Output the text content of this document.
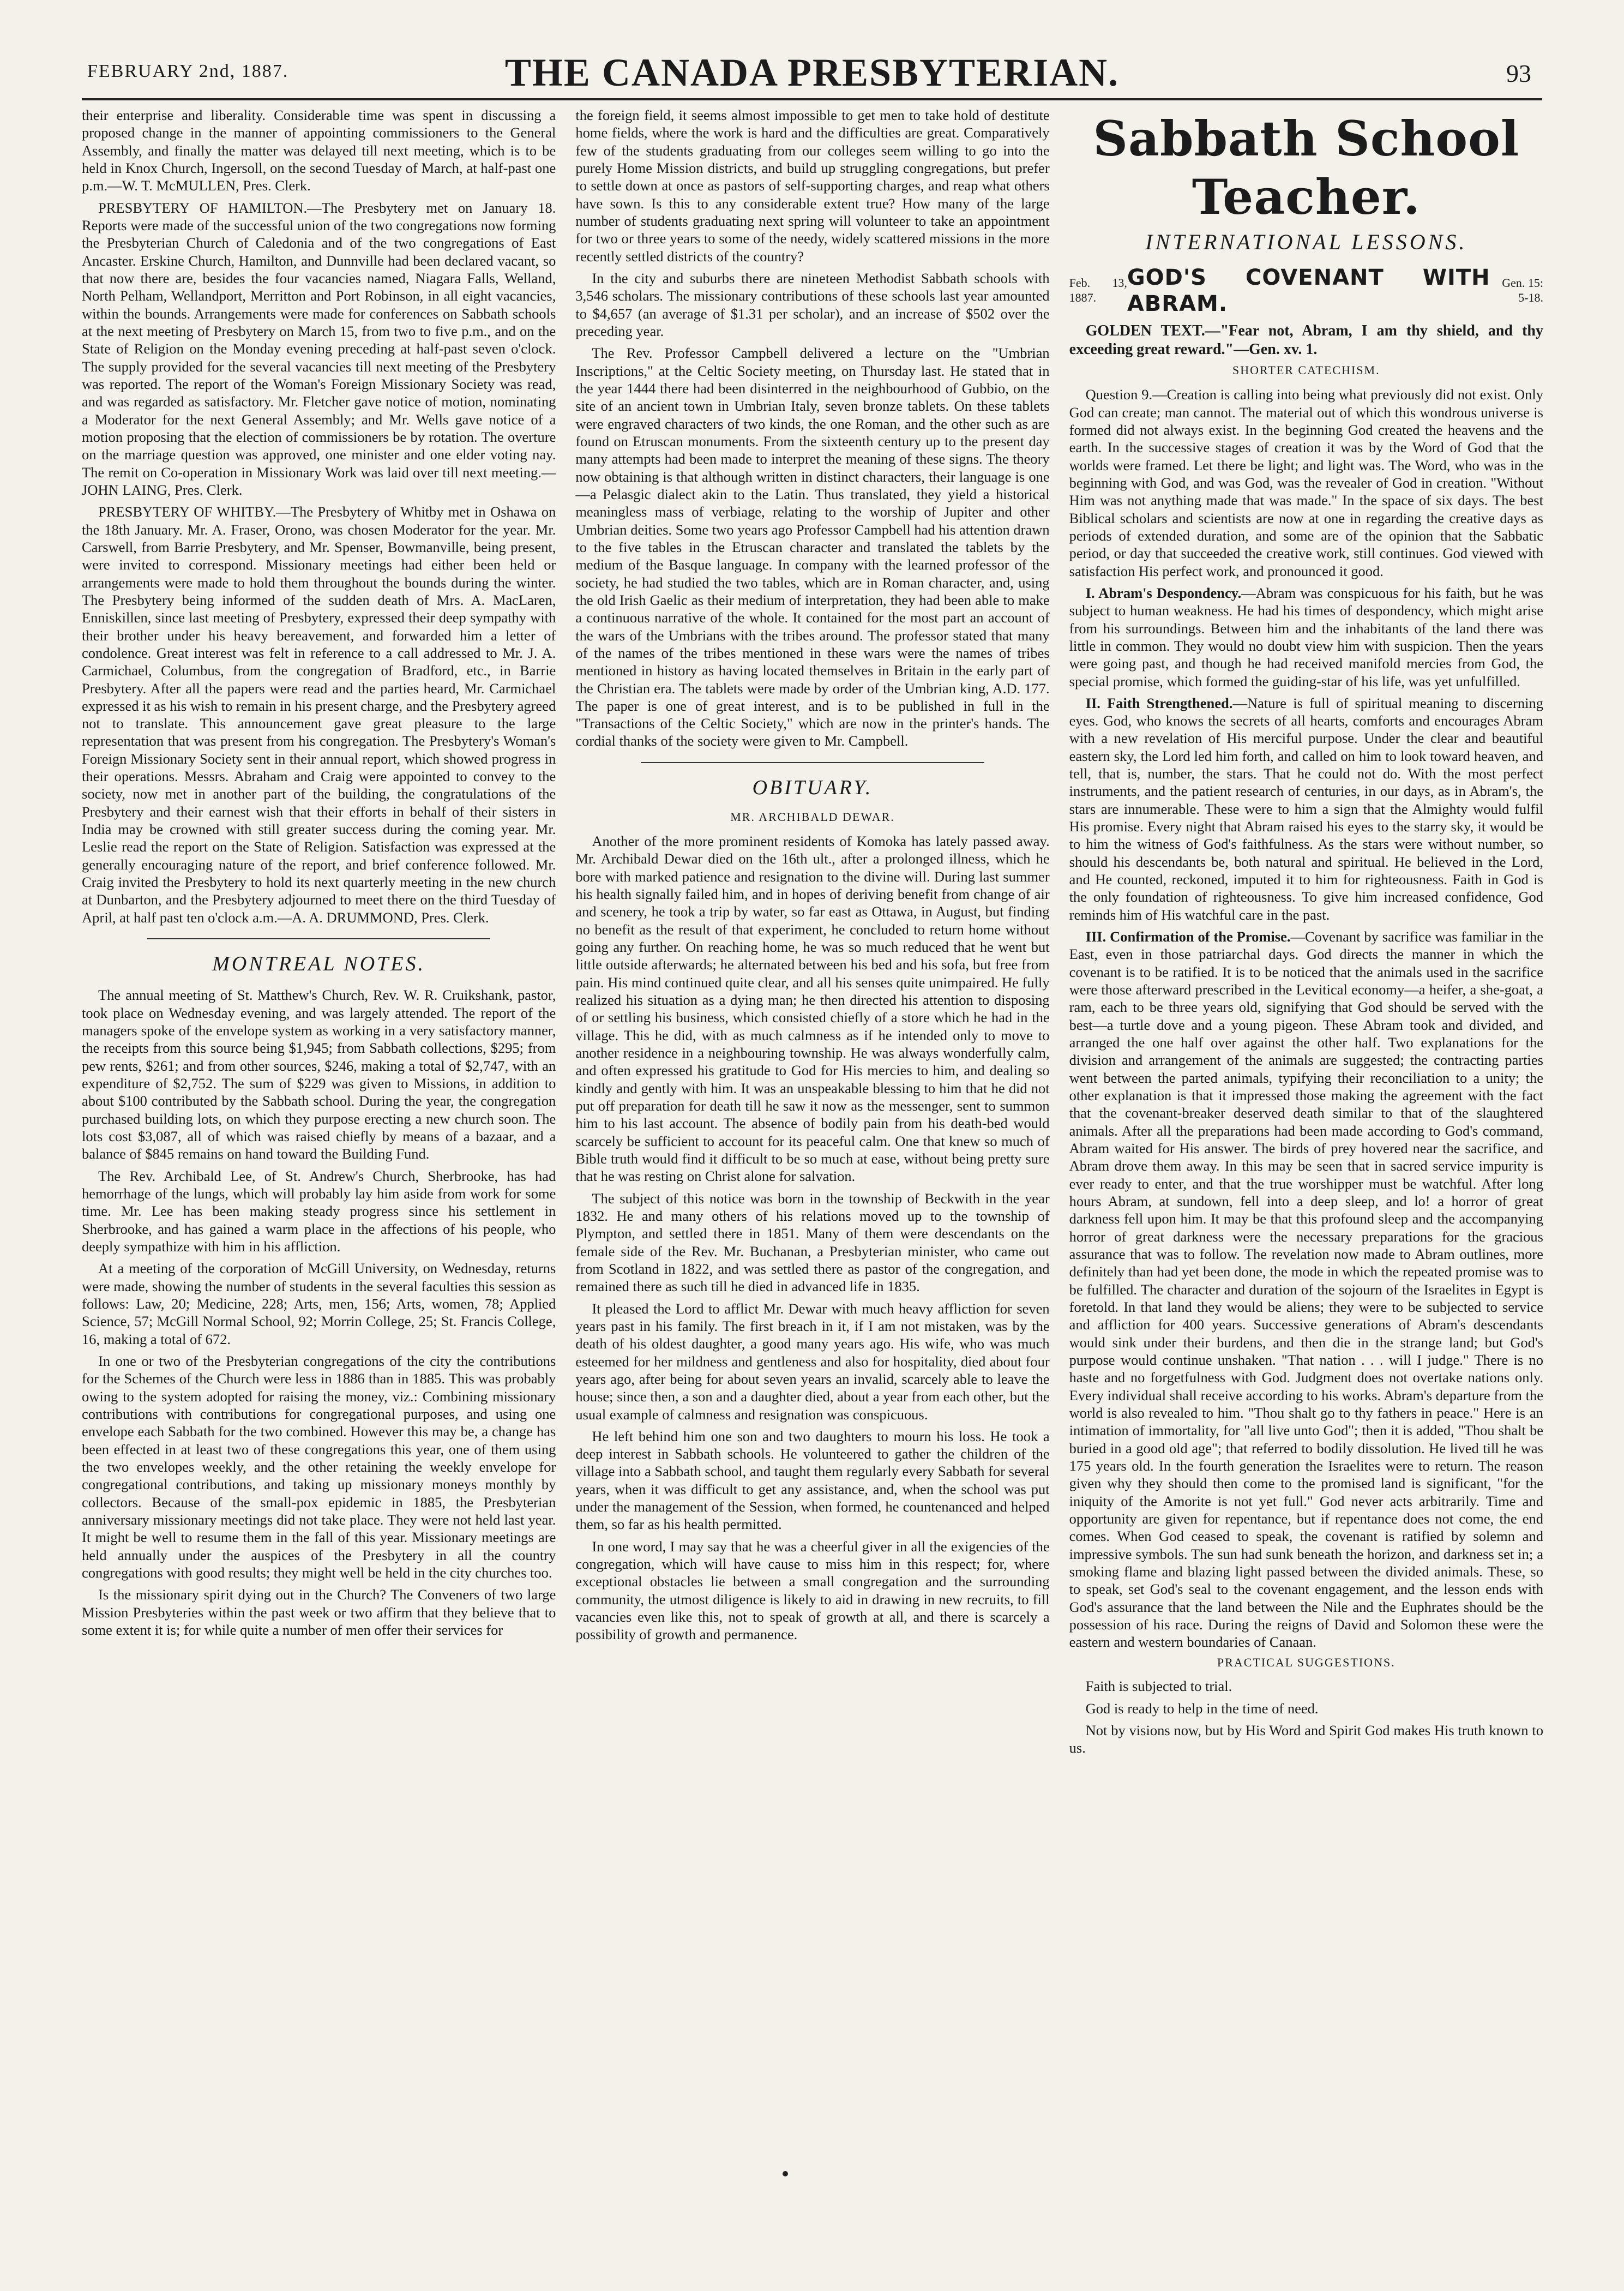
FEBRUARY 2nd, 1887.	THE CANADA PRESBYTERIAN.	93

their enterprise and liberality. Considerable time was spent in discussing a proposed change in the manner of appointing commissioners to the General Assembly, and finally the matter was delayed till next meeting, which is to be held in Knox Church, Ingersoll, on the second Tuesday of March, at half-past one p.m.—W. T. McMULLEN, Pres. Clerk.

PRESBYTERY OF HAMILTON.—The Presbytery met on January 18. Reports were made of the successful union of the two congregations now forming the Presbyterian Church of Caledonia and of the two congregations of East Ancaster. Erskine Church, Hamilton, and Dunnville had been declared vacant, so that now there are, besides the four vacancies named, Niagara Falls, Welland, North Pelham, Wellandport, Merritton and Port Robinson, in all eight vacancies, within the bounds. Arrangements were made for conferences on Sabbath schools at the next meeting of Presbytery on March 15, from two to five p.m., and on the State of Religion on the Monday evening preceding at half-past seven o'clock. The supply provided for the several vacancies till next meeting of the Presbytery was reported. The report of the Woman's Foreign Missionary Society was read, and was regarded as satisfactory. Mr. Fletcher gave notice of motion, nominating a Moderator for the next General Assembly; and Mr. Wells gave notice of a motion proposing that the election of commissioners be by rotation. The overture on the marriage question was approved, one minister and one elder voting nay. The remit on Co-operation in Missionary Work was laid over till next meeting.—JOHN LAING, Pres. Clerk.

PRESBYTERY OF WHITBY.—The Presbytery of Whitby met in Oshawa on the 18th January. Mr. A. Fraser, Orono, was chosen Moderator for the year. Mr. Carswell, from Barrie Presbytery, and Mr. Spenser, Bowmanville, being present, were invited to correspond. Missionary meetings had either been held or arrangements were made to hold them throughout the bounds during the winter. The Presbytery being informed of the sudden death of Mrs. A. MacLaren, Enniskillen, since last meeting of Presbytery, expressed their deep sympathy with their brother under his heavy bereavement, and forwarded him a letter of condolence. Great interest was felt in reference to a call addressed to Mr. J. A. Carmichael, Columbus, from the congregation of Bradford, etc., in Barrie Presbytery. After all the papers were read and the parties heard, Mr. Carmichael expressed it as his wish to remain in his present charge, and the Presbytery agreed not to translate. This announcement gave great pleasure to the large representation that was present from his congregation. The Presbytery's Woman's Foreign Missionary Society sent in their annual report, which showed progress in their operations. Messrs. Abraham and Craig were appointed to convey to the society, now met in another part of the building, the congratulations of the Presbytery and their earnest wish that their efforts in behalf of their sisters in India may be crowned with still greater success during the coming year. Mr. Leslie read the report on the State of Religion. Satisfaction was expressed at the generally encouraging nature of the report, and brief conference followed. Mr. Craig invited the Presbytery to hold its next quarterly meeting in the new church at Dunbarton, and the Presbytery adjourned to meet there on the third Tuesday of April, at half past ten o'clock a.m.—A. A. DRUMMOND, Pres. Clerk.

MONTREAL NOTES.

The annual meeting of St. Matthew's Church, Rev. W. R. Cruikshank, pastor, took place on Wednesday evening, and was largely attended. The report of the managers spoke of the envelope system as working in a very satisfactory manner, the receipts from this source being $1,945; from Sabbath collections, $295; from pew rents, $261; and from other sources, $246, making a total of $2,747, with an expenditure of $2,752. The sum of $229 was given to Missions, in addition to about $100 contributed by the Sabbath school. During the year, the congregation purchased building lots, on which they purpose erecting a new church soon. The lots cost $3,087, all of which was raised chiefly by means of a bazaar, and a balance of $845 remains on hand toward the Building Fund.

The Rev. Archibald Lee, of St. Andrew's Church, Sherbrooke, has had hemorrhage of the lungs, which will probably lay him aside from work for some time. Mr. Lee has been making steady progress since his settlement in Sherbrooke, and has gained a warm place in the affections of his people, who deeply sympathize with him in his affliction.

At a meeting of the corporation of McGill University, on Wednesday, returns were made, showing the number of students in the several faculties this session as follows: Law, 20; Medicine, 228; Arts, men, 156; Arts, women, 78; Applied Science, 57; McGill Normal School, 92; Morrin College, 25; St. Francis College, 16, making a total of 672.

In one or two of the Presbyterian congregations of the city the contributions for the Schemes of the Church were less in 1886 than in 1885. This was probably owing to the system adopted for raising the money, viz.: Combining missionary contributions with contributions for congregational purposes, and using one envelope each Sabbath for the two combined. However this may be, a change has been effected in at least two of these congregations this year, one of them using the two envelopes weekly, and the other retaining the weekly envelope for congregational contributions, and taking up missionary moneys monthly by collectors. Because of the small-pox epidemic in 1885, the Presbyterian anniversary missionary meetings did not take place. They were not held last year. It might be well to resume them in the fall of this year. Missionary meetings are held annually under the auspices of the Presbytery in all the country congregations with good results; they might well be held in the city churches too.

Is the missionary spirit dying out in the Church? The Conveners of two large Mission Presbyteries within the past week or two affirm that they believe that to some extent it is; for while quite a number of men offer their services for

the foreign field, it seems almost impossible to get men to take hold of destitute home fields, where the work is hard and the difficulties are great. Comparatively few of the students graduating from our colleges seem willing to go into the purely Home Mission districts, and build up struggling congregations, but prefer to settle down at once as pastors of self-supporting charges, and reap what others have sown. Is this to any considerable extent true? How many of the large number of students graduating next spring will volunteer to take an appointment for two or three years to some of the needy, widely scattered missions in the more recently settled districts of the country?

In the city and suburbs there are nineteen Methodist Sabbath schools with 3,546 scholars. The missionary contributions of these schools last year amounted to $4,657 (an average of $1.31 per scholar), and an increase of $502 over the preceding year.

The Rev. Professor Campbell delivered a lecture on the "Umbrian Inscriptions," at the Celtic Society meeting, on Thursday last. He stated that in the year 1444 there had been disinterred in the neighbourhood of Gubbio, on the site of an ancient town in Umbrian Italy, seven bronze tablets. On these tablets were engraved characters of two kinds, the one Roman, and the other such as are found on Etruscan monuments. From the sixteenth century up to the present day many attempts had been made to interpret the meaning of these signs. The theory now obtaining is that although written in distinct characters, their language is one—a Pelasgic dialect akin to the Latin. Thus translated, they yield a historical meaningless mass of verbiage, relating to the worship of Jupiter and other Umbrian deities. Some two years ago Professor Campbell had his attention drawn to the five tables in the Etruscan character and translated the tablets by the medium of the Basque language. In company with the learned professor of the society, he had studied the two tables, which are in Roman character, and, using the old Irish Gaelic as their medium of interpretation, they had been able to make a continuous narrative of the whole. It contained for the most part an account of the wars of the Umbrians with the tribes around. The professor stated that many of the names of the tribes mentioned in these wars were the names of tribes mentioned in history as having located themselves in Britain in the early part of the Christian era. The tablets were made by order of the Umbrian king, A.D. 177. The paper is one of great interest, and is to be published in full in the "Transactions of the Celtic Society," which are now in the printer's hands. The cordial thanks of the society were given to Mr. Campbell.

OBITUARY.
MR. ARCHIBALD DEWAR.

Another of the more prominent residents of Komoka has lately passed away. Mr. Archibald Dewar died on the 16th ult., after a prolonged illness, which he bore with marked patience and resignation to the divine will. During last summer his health signally failed him, and in hopes of deriving benefit from change of air and scenery, he took a trip by water, so far east as Ottawa, in August, but finding no benefit as the result of that experiment, he concluded to return home without going any further. On reaching home, he was so much reduced that he went but little outside afterwards; he alternated between his bed and his sofa, but free from pain. His mind continued quite clear, and all his senses quite unimpaired. He fully realized his situation as a dying man; he then directed his attention to disposing of or settling his business, which consisted chiefly of a store which he had in the village. This he did, with as much calmness as if he intended only to move to another residence in a neighbouring township. He was always wonderfully calm, and often expressed his gratitude to God for His mercies to him, and dealing so kindly and gently with him. It was an unspeakable blessing to him that he did not put off preparation for death till he saw it now as the messenger, sent to summon him to his last account. The absence of bodily pain from his death-bed would scarcely be sufficient to account for its peaceful calm. One that knew so much of Bible truth would find it difficult to be so much at ease, without being pretty sure that he was resting on Christ alone for salvation.

The subject of this notice was born in the township of Beckwith in the year 1832. He and many others of his relations moved up to the township of Plympton, and settled there in 1851. Many of them were descendants on the female side of the Rev. Mr. Buchanan, a Presbyterian minister, who came out from Scotland in 1822, and was settled there as pastor of the congregation, and remained there as such till he died in advanced life in 1835.

It pleased the Lord to afflict Mr. Dewar with much heavy affliction for seven years past in his family. The first breach in it, if I am not mistaken, was by the death of his oldest daughter, a good many years ago. His wife, who was much esteemed for her mildness and gentleness and also for hospitality, died about four years ago, after being for about seven years an invalid, scarcely able to leave the house; since then, a son and a daughter died, about a year from each other, but the usual example of calmness and resignation was conspicuous.

He left behind him one son and two daughters to mourn his loss. He took a deep interest in Sabbath schools. He volunteered to gather the children of the village into a Sabbath school, and taught them regularly every Sabbath for several years, when it was difficult to get any assistance, and, when the school was put under the management of the Session, when formed, he countenanced and helped them, so far as his health permitted.

In one word, I may say that he was a cheerful giver in all the exigencies of the congregation, which will have cause to miss him in this respect; for, where exceptional obstacles lie between a small congregation and the surrounding community, the utmost diligence is likely to aid in drawing in new recruits, to fill vacancies even like this, not to speak of growth at all, and there is scarcely a possibility of growth and permanence.

Sabbath School Teacher.
INTERNATIONAL LESSONS.
Feb. 13, 1887.
GOD'S COVENANT WITH ABRAM.
Gen. 15: 5-18.

GOLDEN TEXT.—"Fear not, Abram, I am thy shield, and thy exceeding great reward."—Gen. xv. 1.

SHORTER CATECHISM.

Question 9.—Creation is calling into being what previously did not exist. Only God can create; man cannot. The material out of which this wondrous universe is formed did not always exist. In the beginning God created the heavens and the earth. In the successive stages of creation it was by the Word of God that the worlds were framed. Let there be light; and light was. The Word, who was in the beginning with God, and was God, was the revealer of God in creation. "Without Him was not anything made that was made." In the space of six days. The best Biblical scholars and scientists are now at one in regarding the creative days as periods of extended duration, and some are of the opinion that the Sabbatic period, or day that succeeded the creative work, still continues. God viewed with satisfaction His perfect work, and pronounced it good.

I. Abram's Despondency.—Abram was conspicuous for his faith, but he was subject to human weakness. He had his times of despondency, which might arise from his surroundings. Between him and the inhabitants of the land there was little in common. They would no doubt view him with suspicion. Then the years were going past, and though he had received manifold mercies from God, the special promise, which formed the guiding-star of his life, was yet unfulfilled.

II. Faith Strengthened.—Nature is full of spiritual meaning to discerning eyes. God, who knows the secrets of all hearts, comforts and encourages Abram with a new revelation of His merciful purpose. Under the clear and beautiful eastern sky, the Lord led him forth, and called on him to look toward heaven, and tell, that is, number, the stars. That he could not do. With the most perfect instruments, and the patient research of centuries, in our days, as in Abram's, the stars are innumerable. These were to him a sign that the Almighty would fulfil His promise. Every night that Abram raised his eyes to the starry sky, it would be to him the witness of God's faithfulness. As the stars were without number, so should his descendants be, both natural and spiritual. He believed in the Lord, and He counted, reckoned, imputed it to him for righteousness. Faith in God is the only foundation of righteousness. To give him increased confidence, God reminds him of His watchful care in the past.

III. Confirmation of the Promise.—Covenant by sacrifice was familiar in the East, even in those patriarchal days. God directs the manner in which the covenant is to be ratified. It is to be noticed that the animals used in the sacrifice were those afterward prescribed in the Levitical economy—a heifer, a she-goat, a ram, each to be three years old, signifying that God should be served with the best—a turtle dove and a young pigeon. These Abram took and divided, and arranged the one half over against the other half. Two explanations for the division and arrangement of the animals are suggested; the contracting parties went between the parted animals, typifying their reconciliation to a unity; the other explanation is that it impressed those making the agreement with the fact that the covenant-breaker deserved death similar to that of the slaughtered animals. After all the preparations had been made according to God's command, Abram waited for His answer. The birds of prey hovered near the sacrifice, and Abram drove them away. In this may be seen that in sacred service impurity is ever ready to enter, and that the true worshipper must be watchful. After long hours Abram, at sundown, fell into a deep sleep, and lo! a horror of great darkness fell upon him. It may be that this profound sleep and the accompanying horror of great darkness were the necessary preparations for the gracious assurance that was to follow. The revelation now made to Abram outlines, more definitely than had yet been done, the mode in which the repeated promise was to be fulfilled. The character and duration of the sojourn of the Israelites in Egypt is foretold. In that land they would be aliens; they were to be subjected to service and affliction for 400 years. Successive generations of Abram's descendants would sink under their burdens, and then die in the strange land; but God's purpose would continue unshaken. "That nation . . . will I judge." There is no haste and no forgetfulness with God. Judgment does not overtake nations only. Every individual shall receive according to his works. Abram's departure from the world is also revealed to him. "Thou shalt go to thy fathers in peace." Here is an intimation of immortality, for "all live unto God"; then it is added, "Thou shalt be buried in a good old age"; that referred to bodily dissolution. He lived till he was 175 years old. In the fourth generation the Israelites were to return. The reason given why they should then come to the promised land is significant, "for the iniquity of the Amorite is not yet full." God never acts arbitrarily. Time and opportunity are given for repentance, but if repentance does not come, the end comes. When God ceased to speak, the covenant is ratified by solemn and impressive symbols. The sun had sunk beneath the horizon, and darkness set in; a smoking flame and blazing light passed between the divided animals. These, so to speak, set God's seal to the covenant engagement, and the lesson ends with God's assurance that the land between the Nile and the Euphrates should be the possession of his race. During the reigns of David and Solomon these were the eastern and western boundaries of Canaan.

PRACTICAL SUGGESTIONS.

Faith is subjected to trial.

God is ready to help in the time of need.

Not by visions now, but by His Word and Spirit God makes His truth known to us.
